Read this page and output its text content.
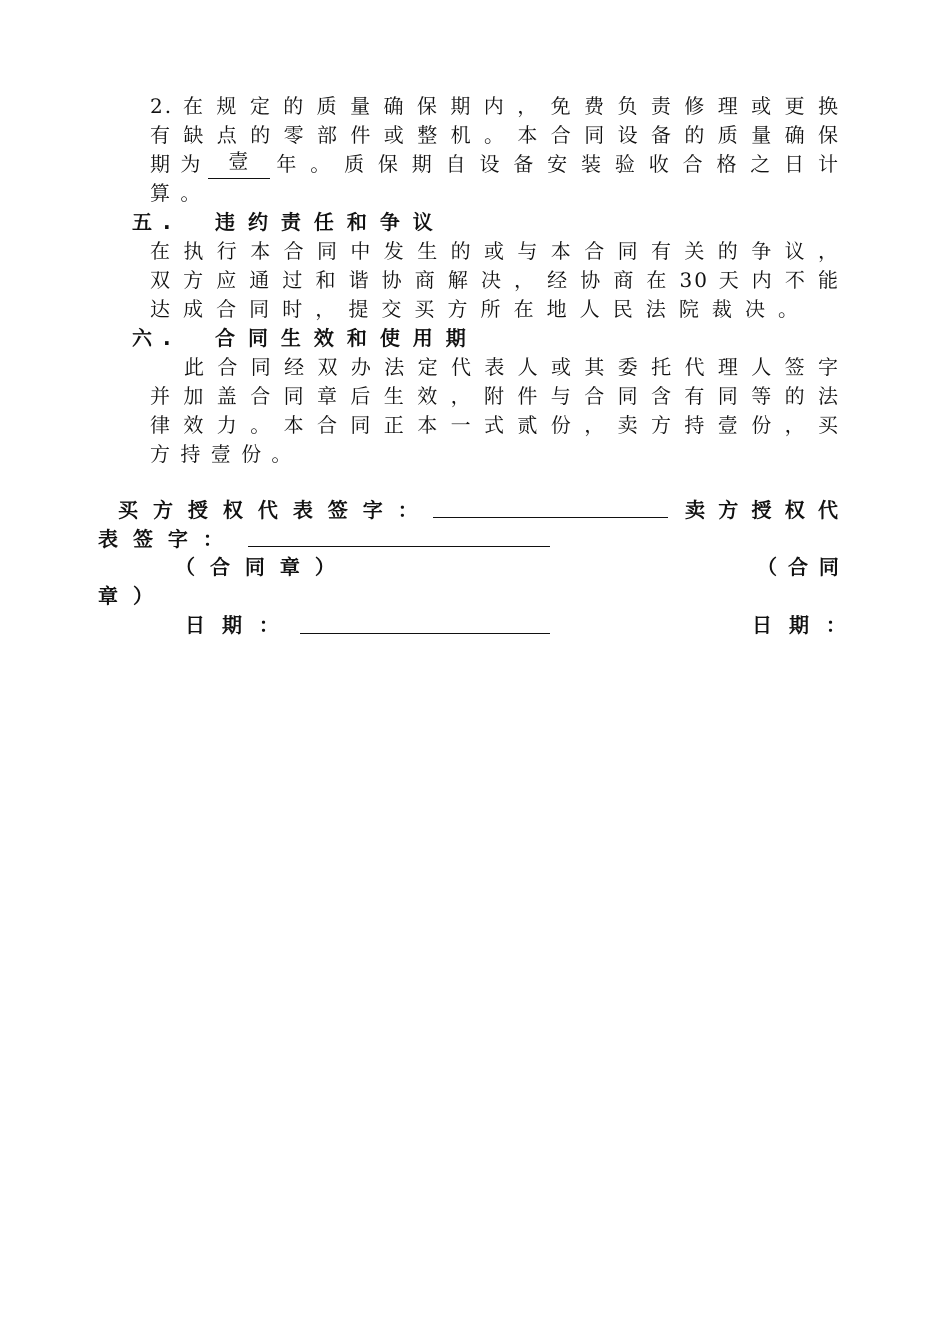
2. 在 规 定 的 质 量 确 保 期 内 ， 免 费 负 责 修 理 或 更 换
有 缺 点 的 零 部 件 或 整 机 。 本 合 同 设 备 的 质 量 确 保
期 为	壹	年 。 质 保 期 自 设 备 安 装 验 收 合 格 之 日 计
算 。
五 . 违 约 责 任 和 争 议
在 执 行 本 合 同 中 发 生 的 或 与 本 合 同 有 关 的 争 议 ，
双 方 应 通 过 和 谐 协 商 解 决 ， 经 协 商 在 30 天 内 不 能
达 成 合 同 时 ， 提 交 买 方 所 在 地 人 民 法 院 裁 决 。
六 . 合 同 生 效 和 使 用 期
此 合 同 经 双 办 法 定 代 表 人 或 其 委 托 代 理 人 签 字
并 加 盖 合 同 章 后 生 效 ， 附 件 与 合 同 含 有 同 等 的 法
律 效 力 。 本 合 同 正 本 一 式 贰 份 ， 卖 方 持 壹 份 ， 买
方 持 壹 份 。
买 方 授 权 代 表 签 字 ：	卖 方 授 权 代
表 签 字 ：
（ 合 同 章 ）	（ 合 同
章 ）
日 期 ：	日 期 ：
